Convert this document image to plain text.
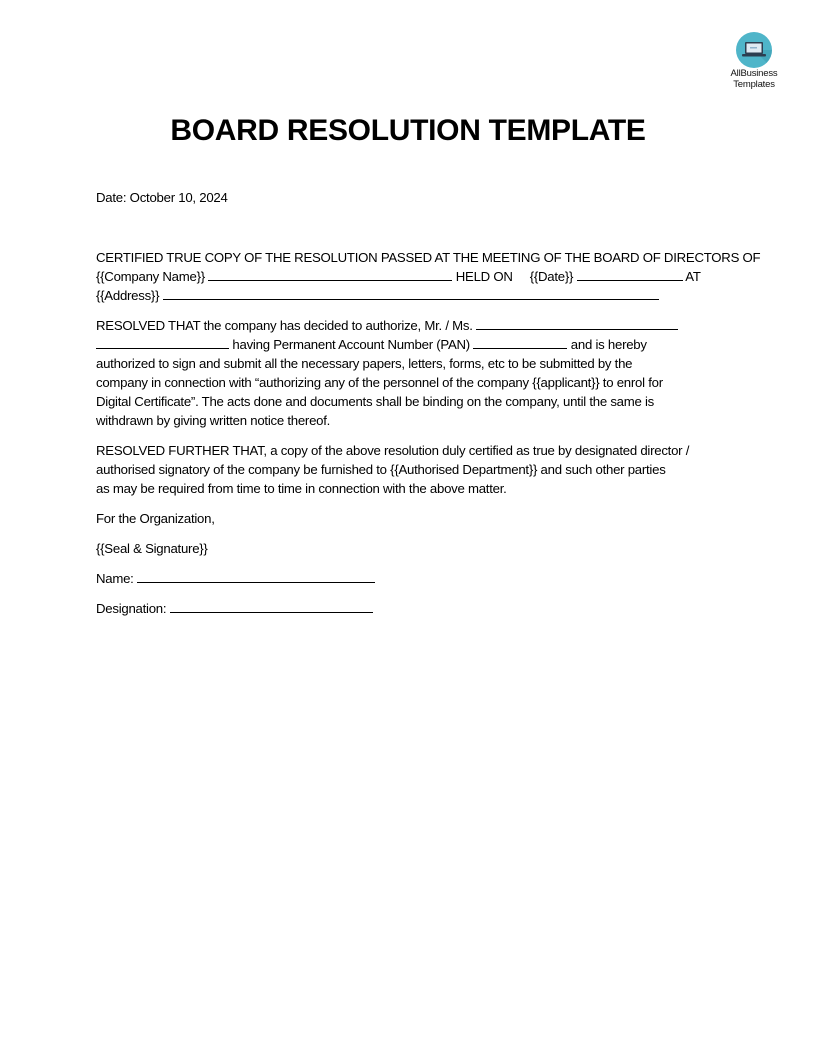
AllBusiness
Templates
BOARD RESOLUTION TEMPLATE
Date: October 10, 2024
CERTIFIED TRUE COPY OF THE RESOLUTION PASSED AT THE MEETING OF THE BOARD OF DIRECTORS OF
{{Company Name}}	HELD ON {{Date}}	AT
{{Address}}
RESOLVED THAT the company has decided to authorize, Mr. / Ms.
having Permanent Account Number (PAN)	and is hereby
authorized to sign and submit all the necessary papers, letters, forms, etc to be submitted by the
company in connection with “authorizing any of the personnel of the company {{applicant}} to enrol for
Digital Certificate”. The acts done and documents shall be binding on the company, until the same is
withdrawn by giving written notice thereof.
RESOLVED FURTHER THAT, a copy of the above resolution duly certified as true by designated director /
authorised signatory of the company be furnished to {{Authorised Department}} and such other parties
as may be required from time to time in connection with the above matter.
For the Organization,
{{Seal & Signature}}
Name:
Designation:
